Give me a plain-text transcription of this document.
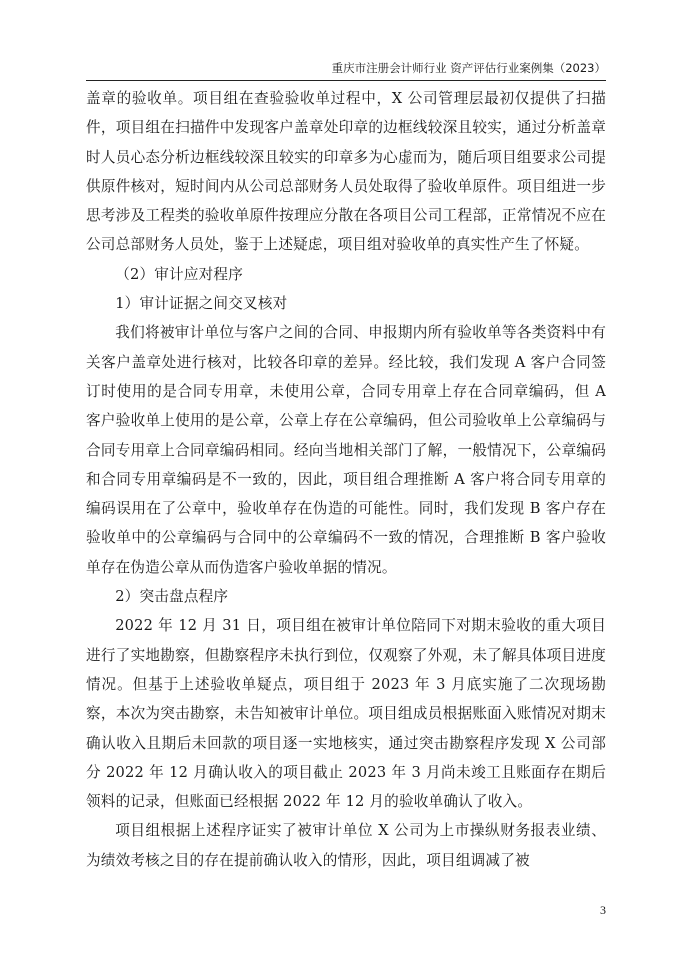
重庆市注册会计师行业 资产评估行业案例集（2023）

盖章的验收单。项目组在查验验收单过程中，X 公司管理层最初仅提供了扫描件，项目组在扫描件中发现客户盖章处印章的边框线较深且较实，通过分析盖章时人员心态分析边框线较深且较实的印章多为心虚而为，随后项目组要求公司提供原件核对，短时间内从公司总部财务人员处取得了验收单原件。项目组进一步思考涉及工程类的验收单原件按理应分散在各项目公司工程部，正常情况不应在公司总部财务人员处，鉴于上述疑虑，项目组对验收单的真实性产生了怀疑。

（2）审计应对程序

1）审计证据之间交叉核对

我们将被审计单位与客户之间的合同、申报期内所有验收单等各类资料中有关客户盖章处进行核对，比较各印章的差异。经比较，我们发现 A 客户合同签订时使用的是合同专用章，未使用公章，合同专用章上存在合同章编码，但 A 客户验收单上使用的是公章，公章上存在公章编码，但公司验收单上公章编码与合同专用章上合同章编码相同。经向当地相关部门了解，一般情况下，公章编码和合同专用章编码是不一致的，因此，项目组合理推断 A 客户将合同专用章的编码误用在了公章中，验收单存在伪造的可能性。同时，我们发现 B 客户存在验收单中的公章编码与合同中的公章编码不一致的情况，合理推断 B 客户验收单存在伪造公章从而伪造客户验收单据的情况。

2）突击盘点程序

2022 年 12 月 31 日，项目组在被审计单位陪同下对期末验收的重大项目进行了实地勘察，但勘察程序未执行到位，仅观察了外观，未了解具体项目进度情况。但基于上述验收单疑点，项目组于 2023 年 3 月底实施了二次现场勘察，本次为突击勘察，未告知被审计单位。项目组成员根据账面入账情况对期末确认收入且期后未回款的项目逐一实地核实，通过突击勘察程序发现 X 公司部分 2022 年 12 月确认收入的项目截止 2023 年 3 月尚未竣工且账面存在期后领料的记录，但账面已经根据 2022 年 12 月的验收单确认了收入。

项目组根据上述程序证实了被审计单位 X 公司为上市操纵财务报表业绩、为绩效考核之目的存在提前确认收入的情形，因此，项目组调减了被

3
